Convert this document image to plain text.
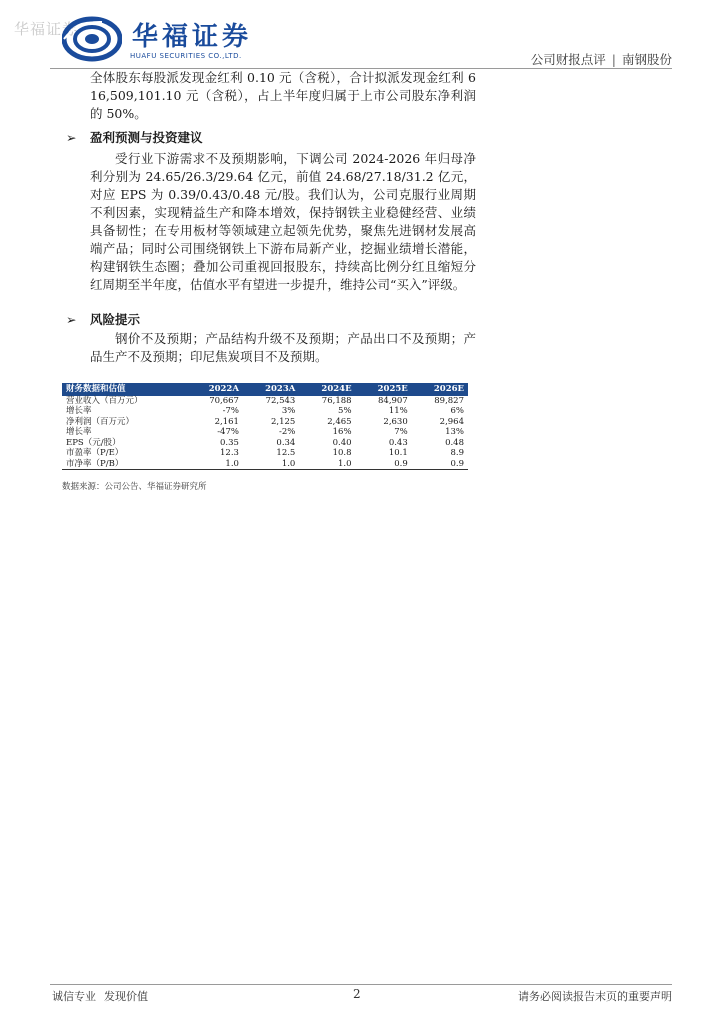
华福证券 华福证券
HUAFU SECURITIES CO.,LTD.	公司财报点评 | 南钢股份

全体股东每股派发现金红利 0.10 元（含税），合计拟派发现金红利 616,509,101.10 元（含税），占上半年度归属于上市公司股东净利润的 50%。

➢ 盈利预测与投资建议

受行业下游需求不及预期影响，下调公司 2024-2026 年归母净利分别为 24.65/26.3/29.64 亿元，前值 24.68/27.18/31.2 亿元，对应 EPS 为 0.39/0.43/0.48 元/股。我们认为，公司克服行业周期不利因素，实现精益生产和降本增效，保持钢铁主业稳健经营、业绩具备韧性；在专用板材等领域建立起领先优势，聚焦先进钢材发展高端产品；同时公司围绕钢铁上下游布局新产业，挖掘业绩增长潜能，构建钢铁生态圈；叠加公司重视回报股东，持续高比例分红且缩短分红周期至半年度，估值水平有望进一步提升，维持公司“买入”评级。

➢ 风险提示

钢价不及预期；产品结构升级不及预期；产品出口不及预期；产品生产不及预期；印尼焦炭项目不及预期。

财务数据和估值	2022A	2023A	2024E	2025E	2026E
营业收入（百万元）	70,667	72,543	76,188	84,907	89,827
增长率	-7%	3%	5%	11%	6%
净利润（百万元）	2,161	2,125	2,465	2,630	2,964
增长率	-47%	-2%	16%	7%	13%
EPS（元/股）	0.35	0.34	0.40	0.43	0.48
市盈率（P/E）	12.3	12.5	10.8	10.1	8.9
市净率（P/B）	1.0	1.0	1.0	0.9	0.9
数据来源：公司公告、华福证券研究所
诚信专业 发现价值	2	请务必阅读报告末页的重要声明
